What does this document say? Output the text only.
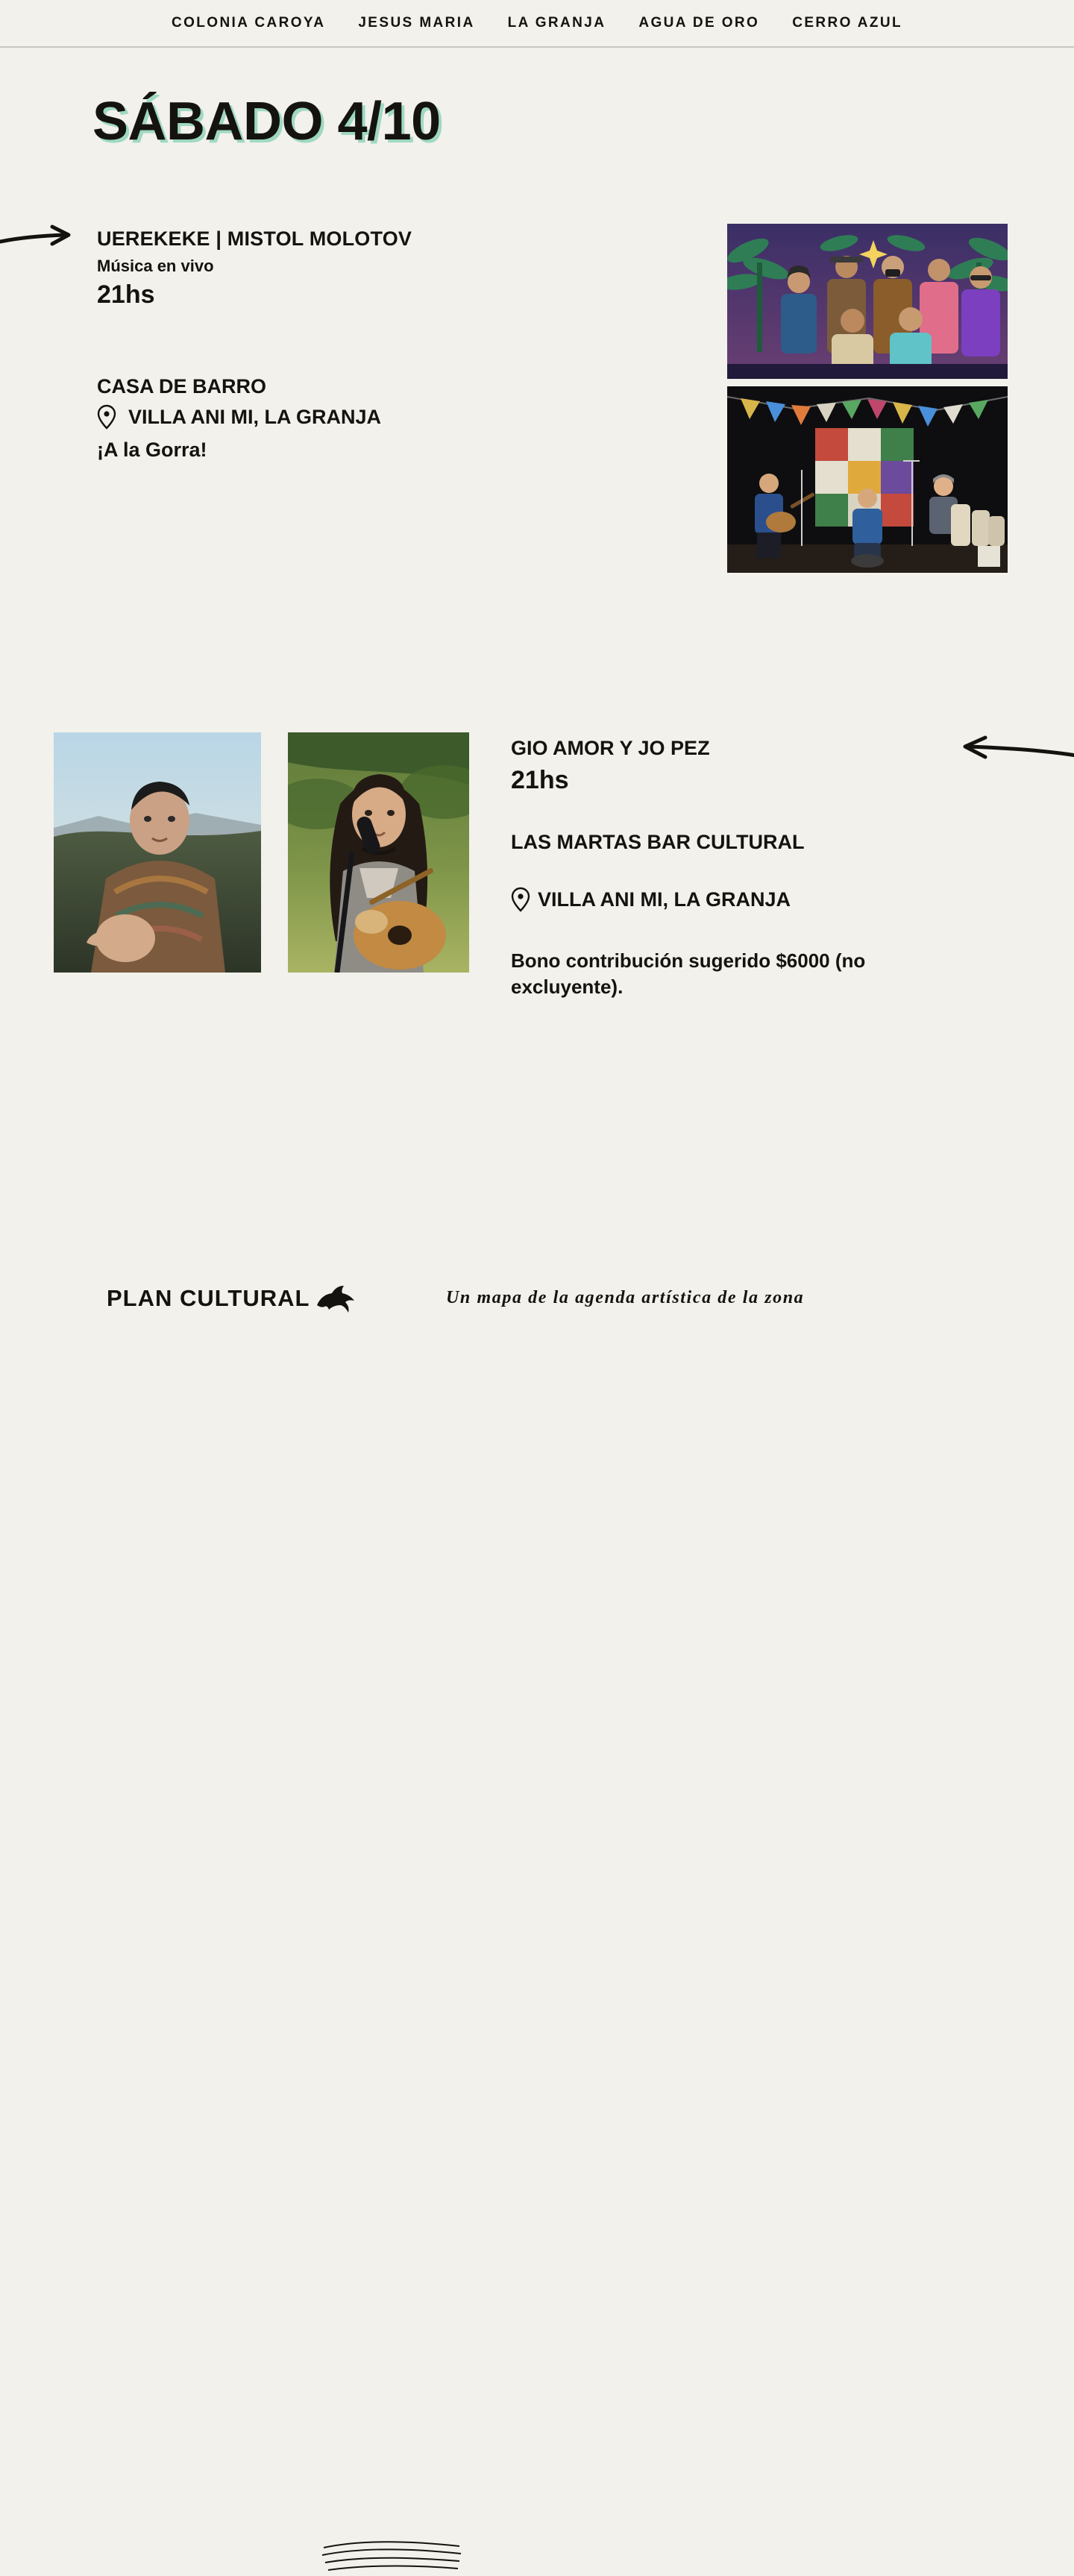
COLONIA CAROYA JESUS MARIA LA GRANJA AGUA DE ORO CERRO AZUL
SÁBADO 4/10
UEREKEKE | MISTOL MOLOTOV
Música en vivo
21hs
CASA DE BARRO
VILLA ANI MI, LA GRANJA
¡A la Gorra!
GIO AMOR Y JO PEZ
21hs
LAS MARTAS BAR CULTURAL
VILLA ANI MI, LA GRANJA
Bono contribución sugerido $6000 (no excluyente).
PLAN CULTURAL	Un mapa de la agenda artística de la zona
